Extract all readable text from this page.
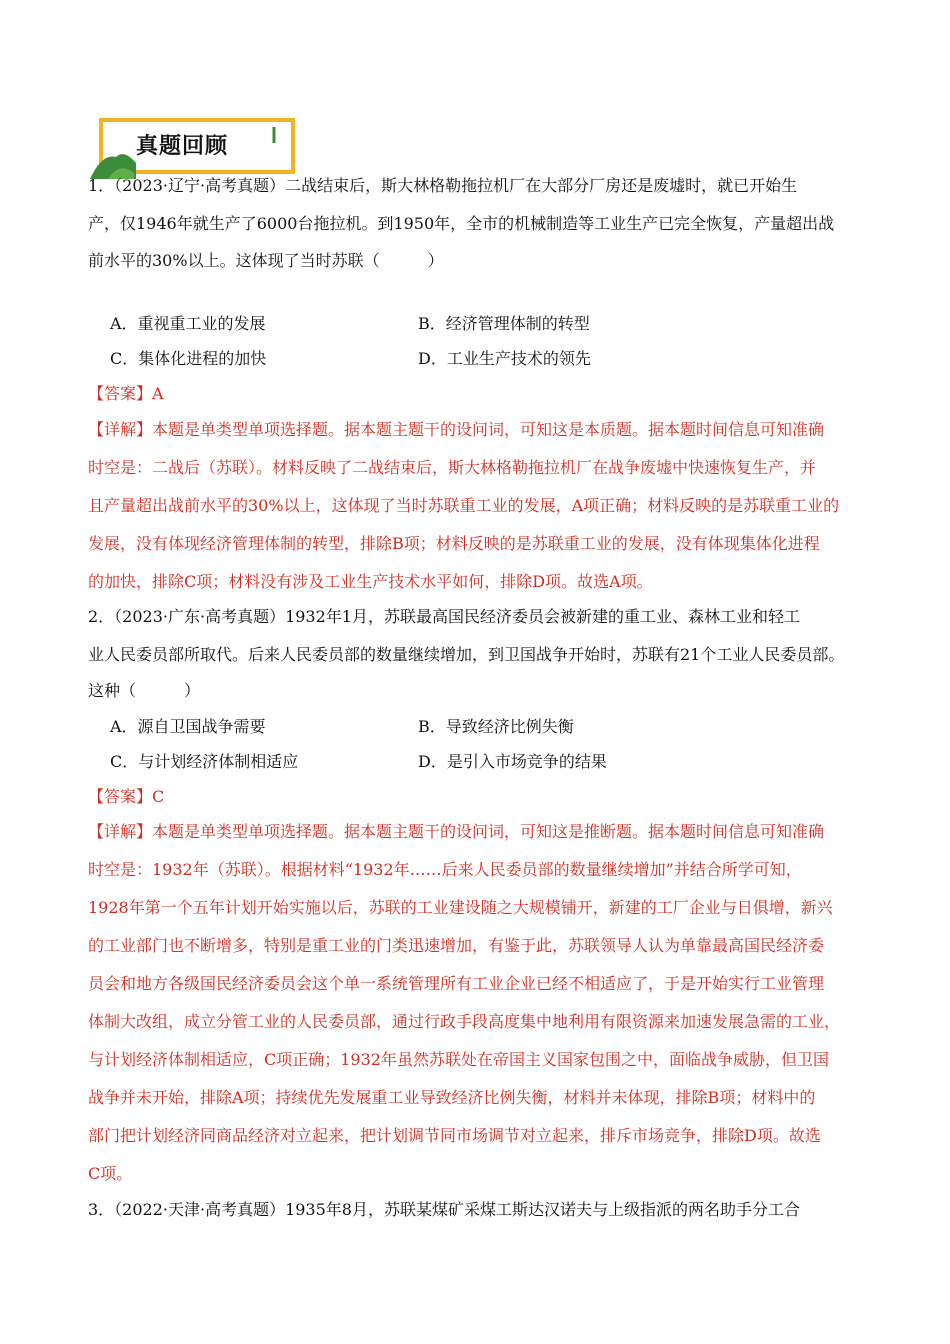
真题回顾
1．（2023·辽宁·高考真题）二战结束后，斯大林格勒拖拉机厂在大部分厂房还是废墟时，就已开始生
产，仅1946年就生产了6000台拖拉机。到1950年，全市的机械制造等工业生产已完全恢复，产量超出战
前水平的30%以上。这体现了当时苏联（　　　）
A．重视重工业的发展	B．经济管理体制的转型
C．集体化进程的加快	D．工业生产技术的领先
【答案】A
【详解】本题是单类型单项选择题。据本题主题干的设问词，可知这是本质题。据本题时间信息可知准确
时空是：二战后（苏联）。材料反映了二战结束后，斯大林格勒拖拉机厂在战争废墟中快速恢复生产，并
且产量超出战前水平的30%以上，这体现了当时苏联重工业的发展，A项正确；材料反映的是苏联重工业的
发展，没有体现经济管理体制的转型，排除B项；材料反映的是苏联重工业的发展，没有体现集体化进程
的加快，排除C项；材料没有涉及工业生产技术水平如何，排除D项。故选A项。
2．（2023·广东·高考真题）1932年1月，苏联最高国民经济委员会被新建的重工业、森林工业和轻工
业人民委员部所取代。后来人民委员部的数量继续增加，到卫国战争开始时，苏联有21个工业人民委员部。
这种（　　　）
A．源自卫国战争需要	B．导致经济比例失衡
C．与计划经济体制相适应	D．是引入市场竞争的结果
【答案】C
【详解】本题是单类型单项选择题。据本题主题干的设问词，可知这是推断题。据本题时间信息可知准确
时空是：1932年（苏联）。根据材料“1932年……后来人民委员部的数量继续增加”并结合所学可知，
1928年第一个五年计划开始实施以后，苏联的工业建设随之大规模铺开，新建的工厂企业与日俱增，新兴
的工业部门也不断增多，特别是重工业的门类迅速增加，有鉴于此，苏联领导人认为单靠最高国民经济委
员会和地方各级国民经济委员会这个单一系统管理所有工业企业已经不相适应了，于是开始实行工业管理
体制大改组，成立分管工业的人民委员部，通过行政手段高度集中地利用有限资源来加速发展急需的工业，
与计划经济体制相适应，C项正确；1932年虽然苏联处在帝国主义国家包围之中，面临战争威胁，但卫国
战争并未开始，排除A项；持续优先发展重工业导致经济比例失衡，材料并未体现，排除B项；材料中的
部门把计划经济同商品经济对立起来，把计划调节同市场调节对立起来，排斥市场竞争，排除D项。故选
C项。
3．（2022·天津·高考真题）1935年8月，苏联某煤矿采煤工斯达汉诺夫与上级指派的两名助手分工合
